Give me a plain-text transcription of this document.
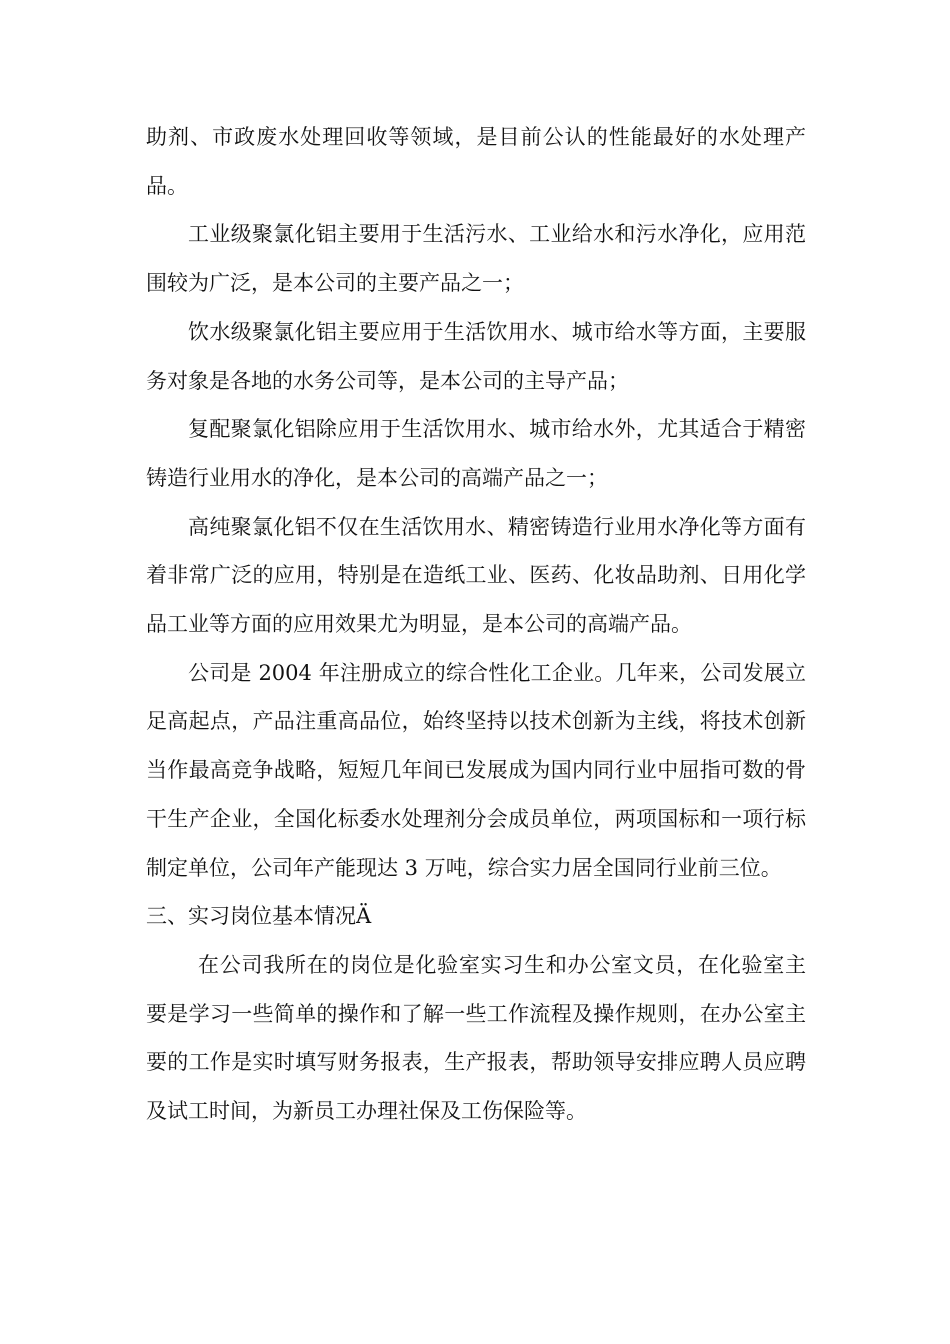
助剂、市政废水处理回收等领域，是目前公认的性能最好的水处理产品。

工业级聚氯化铝主要用于生活污水、工业给水和污水净化，应用范围较为广泛，是本公司的主要产品之一；

饮水级聚氯化铝主要应用于生活饮用水、城市给水等方面，主要服务对象是各地的水务公司等，是本公司的主导产品；

复配聚氯化铝除应用于生活饮用水、城市给水外，尤其适合于精密铸造行业用水的净化，是本公司的高端产品之一；

高纯聚氯化铝不仅在生活饮用水、精密铸造行业用水净化等方面有着非常广泛的应用，特别是在造纸工业、医药、化妆品助剂、日用化学品工业等方面的应用效果尤为明显，是本公司的高端产品。

公司是 2004 年注册成立的综合性化工企业。几年来，公司发展立足高起点，产品注重高品位，始终坚持以技术创新为主线，将技术创新当作最高竞争战略，短短几年间已发展成为国内同行业中屈指可数的骨干生产企业，全国化标委水处理剂分会成员单位，两项国标和一项行标制定单位，公司年产能现达 3 万吨，综合实力居全国同行业前三位。

三、实习岗位基本情况Ä

在公司我所在的岗位是化验室实习生和办公室文员，在化验室主要是学习一些简单的操作和了解一些工作流程及操作规则，在办公室主要的工作是实时填写财务报表，生产报表，帮助领导安排应聘人员应聘及试工时间，为新员工办理社保及工伤保险等。
